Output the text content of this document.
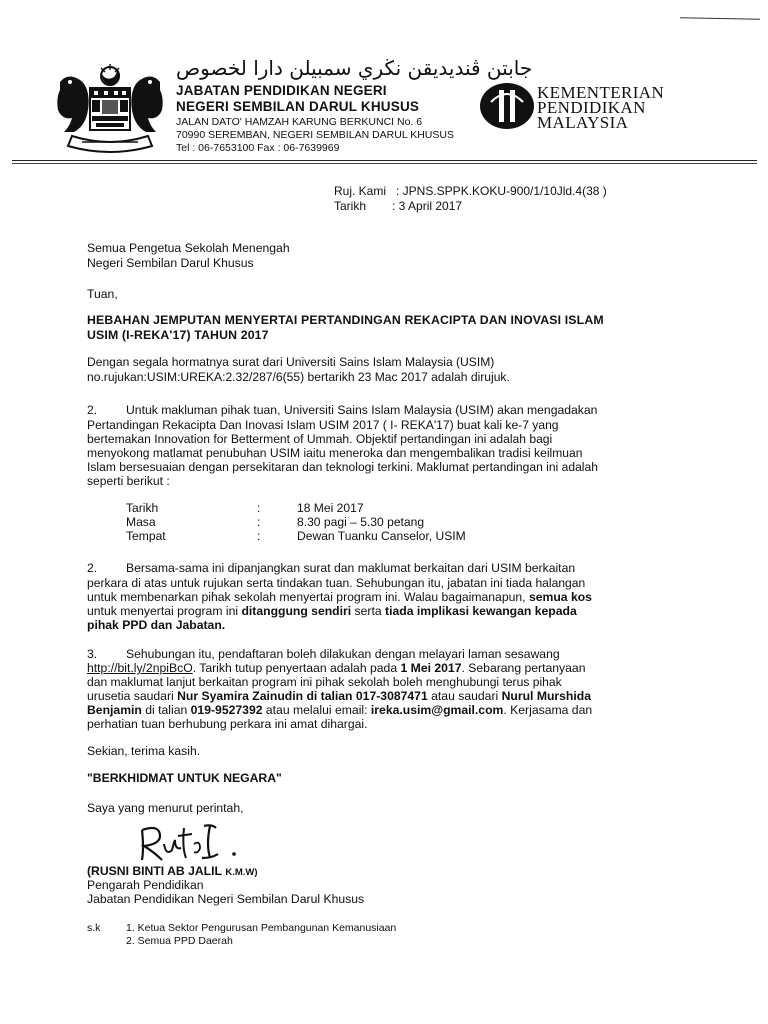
جابتن ڤنديديقن نڬري سمبيلن دارا لخصوص
JABATAN PENDIDIKAN NEGERI
NEGERI SEMBILAN DARUL KHUSUS
JALAN DATO' HAMZAH KARUNG BERKUNCI No. 6
70990 SEREMBAN, NEGERI SEMBILAN DARUL KHUSUS
Tel : 06-7653100 Fax : 06-7639969
KEMENTERIAN
PENDIDIKAN
MALAYSIA
Ruj. Kami : JPNS.SPPK.KOKU-900/1/10Jld.4(38 )
Tarikh : 3 April 2017
Semua Pengetua Sekolah Menengah
Negeri Sembilan Darul Khusus
Tuan,
HEBAHAN JEMPUTAN MENYERTAI PERTANDINGAN REKACIPTA DAN INOVASI ISLAM
USIM (I-REKA'17) TAHUN 2017
Dengan segala hormatnya surat dari Universiti Sains Islam Malaysia (USIM)
no.rujukan:USIM:UREKA:2.32/287/6(55) bertarikh 23 Mac 2017 adalah dirujuk.
2. Untuk makluman pihak tuan, Universiti Sains Islam Malaysia (USIM) akan mengadakan
Pertandingan Rekacipta Dan Inovasi Islam USIM 2017 ( I- REKA'17) buat kali ke-7 yang
bertemakan Innovation for Betterment of Ummah. Objektif pertandingan ini adalah bagi
menyokong matlamat penubuhan USIM iaitu meneroka dan mengembalikan tradisi keilmuan
Islam bersesuaian dengan persekitaran dan teknologi terkini. Maklumat pertandingan ini adalah
seperti berikut :
Tarikh	:	18 Mei 2017
Masa	:	8.30 pagi – 5.30 petang
Tempat	:	Dewan Tuanku Canselor, USIM
2. Bersama-sama ini dipanjangkan surat dan maklumat berkaitan dari USIM berkaitan
perkara di atas untuk rujukan serta tindakan tuan. Sehubungan itu, jabatan ini tiada halangan
untuk membenarkan pihak sekolah menyertai program ini. Walau bagaimanapun, semua kos
untuk menyertai program ini ditanggung sendiri serta tiada implikasi kewangan kepada
pihak PPD dan Jabatan.
3. Sehubungan itu, pendaftaran boleh dilakukan dengan melayari laman sesawang
http://bit.ly/2npiBcO. Tarikh tutup penyertaan adalah pada 1 Mei 2017. Sebarang pertanyaan
dan maklumat lanjut berkaitan program ini pihak sekolah boleh menghubungi terus pihak
urusetia saudari Nur Syamira Zainudin di talian 017-3087471 atau saudari Nurul Murshida
Benjamin di talian 019-9527392 atau melalui email: ireka.usim@gmail.com. Kerjasama dan
perhatian tuan berhubung perkara ini amat dihargai.
Sekian, terima kasih.
"BERKHIDMAT UNTUK NEGARA"
Saya yang menurut perintah,
(RUSNI BINTI AB JALIL K.M.W)
Pengarah Pendidikan
Jabatan Pendidikan Negeri Sembilan Darul Khusus
s.k 1. Ketua Sektor Pengurusan Pembangunan Kemanusiaan
2. Semua PPD Daerah
